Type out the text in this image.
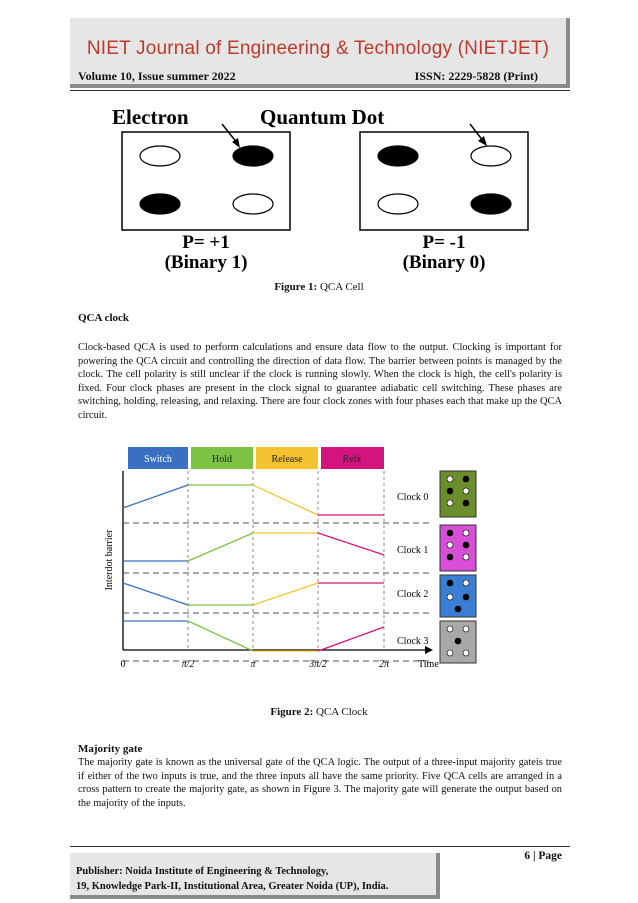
NIET Journal of Engineering & Technology (NIETJET)
Volume 10, Issue summer 2022	ISSN: 2229-5828 (Print)
Electron	Quantum Dot
P= +1
(Binary 1)
P= -1
(Binary 0)
Figure 1: QCA Cell
QCA clock
Clock-based QCA is used to perform calculations and ensure data flow to the output. Clocking is important for powering the QCA circuit and controlling the direction of data flow. The barrier between points is managed by the clock. The cell polarity is still unclear if the clock is running slowly. When the clock is high, the cell's polarity is fixed. Four clock phases are present in the clock signal to guarantee adiabatic cell switching. These phases are switching, holding, releasing, and relaxing. There are four clock zones with four phases each that make up the QCA circuit.
Switch	Hold	Release	Relx
Interdot barrier
Clock 0
Clock 1
Clock 2
Clock 3
0	π/2	π	3π/2	2π	Time
Figure 2: QCA Clock
Majority gate
The majority gate is known as the universal gate of the QCA logic. The output of a three-input majority gateis true if either of the two inputs is true, and the three inputs all have the same priority. Five QCA cells are arranged in a cross pattern to create the majority gate, as shown in Figure 3. The majority gate will generate the output based on the majority of the inputs.
6 | Page
Publisher: Noida Institute of Engineering & Technology,
19, Knowledge Park-II, Institutional Area, Greater Noida (UP), India.
